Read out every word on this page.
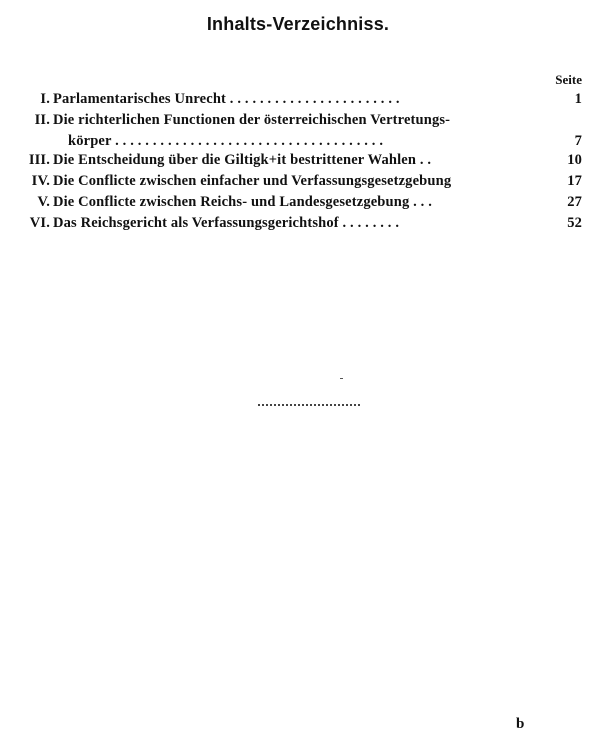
Inhalts-Verzeichniss.
Seite
I. Parlamentarisches Unrecht . . . . . . . . . . . . . . . . . . . . . . .	1
II. Die richterlichen Functionen der österreichischen Vertretungs-
körper . . . . . . . . . . . . . . . . . . . . . . . . . . . . . . . . . . . .	7
III. Die Entscheidung über die Giltigk+it bestrittener Wahlen . .	10
IV. Die Conflicte zwischen einfacher und Verfassungsgesetzgebung	17
V. Die Conflicte zwischen Reichs- und Landesgesetzgebung . . .	27
VI. Das Reichsgericht als Verfassungsgerichtshof . . . . . . . .	52
b
